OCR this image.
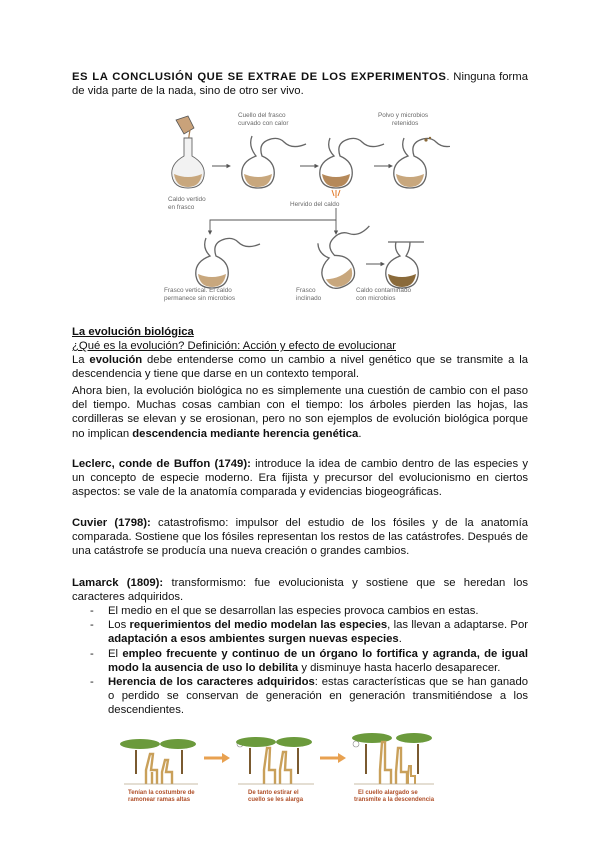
ES LA CONCLUSIÓN QUE SE EXTRAE DE LOS EXPERIMENTOS. Ninguna forma de vida parte de la nada, sino de otro ser vivo.

Cuello del frasco
curvado con calor
Polvo y microbios
retenidos
Caldo vertido
en frasco	Hervido del caldo
Frasco vertical. El caldo
permanece sin microbios
Frasco
inclinado
Caldo contaminado
con microbios

La evolución biológica

¿Qué es la evolución? Definición: Acción y efecto de evolucionar

La evolución debe entenderse como un cambio a nivel genético que se transmite a la descendencia y tiene que darse en un contexto temporal.

Ahora bien, la evolución biológica no es simplemente una cuestión de cambio con el paso del tiempo. Muchas cosas cambian con el tiempo: los árboles pierden las hojas, las cordilleras se elevan y se erosionan, pero no son ejemplos de evolución biológica porque no implican descendencia mediante herencia genética.

Leclerc, conde de Buffon (1749): introduce la idea de cambio dentro de las especies y un concepto de especie moderno. Era fijista y precursor del evolucionismo en ciertos aspectos: se vale de la anatomía comparada y evidencias biogeográficas.

Cuvier (1798): catastrofismo: impulsor del estudio de los fósiles y de la anatomía comparada. Sostiene que los fósiles representan los restos de las catástrofes. Después de una catástrofe se producía una nueva creación o grandes cambios.

Lamarck (1809): transformismo: fue evolucionista y sostiene que se heredan los caracteres adquiridos.

- El medio en el que se desarrollan las especies provoca cambios en estas.
- Los requerimientos del medio modelan las especies, las llevan a adaptarse. Por adaptación a esos ambientes surgen nuevas especies.
- El empleo frecuente y continuo de un órgano lo fortifica y agranda, de igual modo la ausencia de uso lo debilita y disminuye hasta hacerlo desaparecer.
- Herencia de los caracteres adquiridos: estas características que se han ganado o perdido se conservan de generación en generación transmitiéndose a los descendientes.
Tenían la costumbre de
ramonear ramas altas
De tanto estirar el
cuello se les alarga
El cuello alargado se
transmite a la descendencia
